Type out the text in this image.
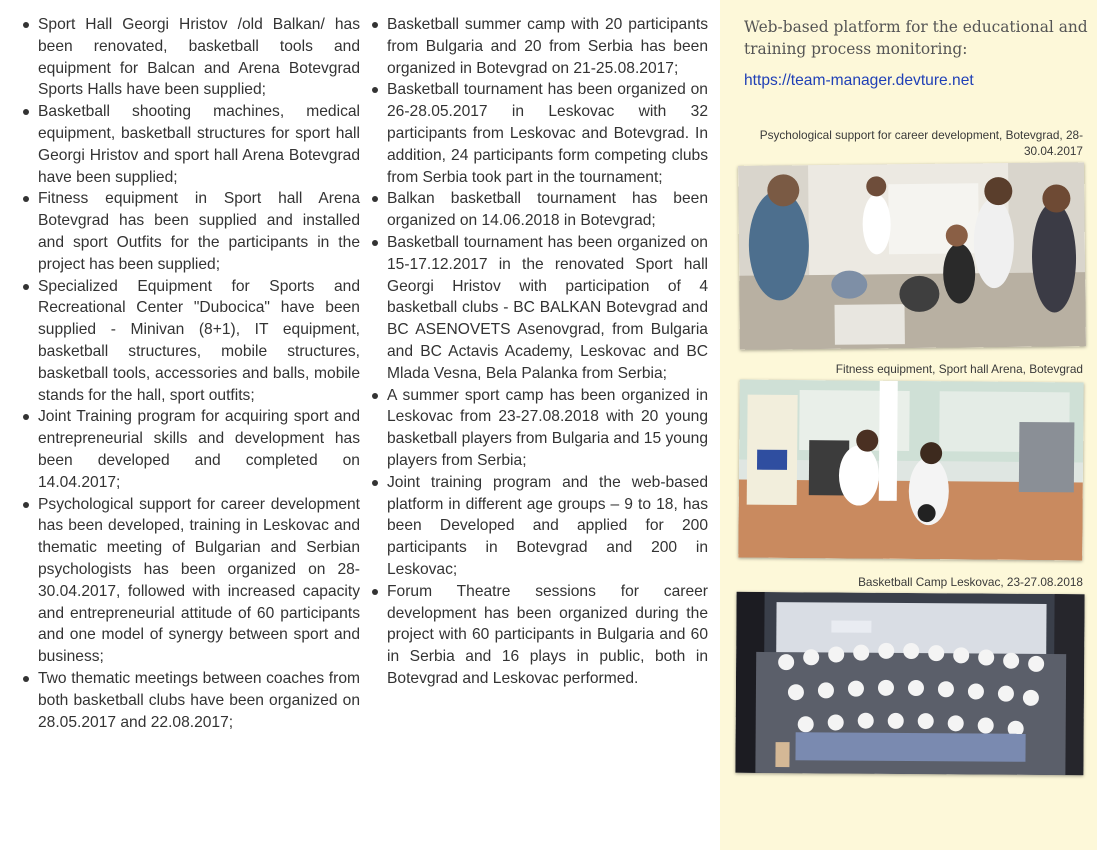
Sport Hall Georgi Hristov /old Balkan/ has been renovated, basketball tools and equipment for Balcan and Arena Botevgrad Sports Halls have been supplied;
Basketball shooting machines, medical equipment, basketball structures for sport hall Georgi Hristov and sport hall Arena Botevgrad have been supplied;
Fitness equipment in Sport hall Arena Botevgrad has been supplied and installed and sport Outfits for the participants in the project has been supplied;
Specialized Equipment for Sports and Recreational Center "Dubocica" have been supplied - Minivan (8+1), IT equipment, basketball structures, mobile structures, basketball tools, accessories and balls, mobile stands for the hall, sport outfits;
Joint Training program for acquiring sport and entrepreneurial skills and development has been developed and completed on 14.04.2017;
Psychological support for career development has been developed, training in Leskovac and thematic meeting of Bulgarian and Serbian psychologists has been organized on 28-30.04.2017, followed with increased capacity and entrepreneurial attitude of 60 participants and one model of synergy between sport and business;
Two thematic meetings between coaches from both basketball clubs have been organized on 28.05.2017 and 22.08.2017;
Basketball summer camp with 20 participants from Bulgaria and 20 from Serbia has been organized in Botevgrad on 21-25.08.2017;
Basketball tournament has been organized on 26-28.05.2017 in Leskovac with 32 participants from Leskovac and Botevgrad. In addition, 24 participants form competing clubs from Serbia took part in the tournament;
Balkan basketball tournament has been organized on 14.06.2018 in Botevgrad;
Basketball tournament has been organized on 15-17.12.2017 in the renovated Sport hall Georgi Hristov with participation of 4 basketball clubs - BC BALKAN Botevgrad and BC ASENOVETS Asenovgrad, from Bulgaria and BC Actavis Academy, Leskovac and BC Mlada Vesna, Bela Palanka from Serbia;
A summer sport camp has been organized in Leskovac from 23-27.08.2018 with 20 young basketball players from Bulgaria and 15 young players from Serbia;
Joint training program and the web-based platform in different age groups – 9 to 18, has been Developed and applied for 200 participants in Botevgrad and 200 in Leskovac;
Forum Theatre sessions for career development has been organized during the project with 60 participants in Bulgaria and 60 in Serbia and 16 plays in public, both in Botevgrad and Leskovac performed.
Web-based platform for the educational and training process monitoring:
https://team-manager.devture.net
Psychological support for career development, Botevgrad, 28-30.04.2017
Fitness equipment, Sport hall Arena, Botevgrad
Basketball Camp Leskovac, 23-27.08.2018
